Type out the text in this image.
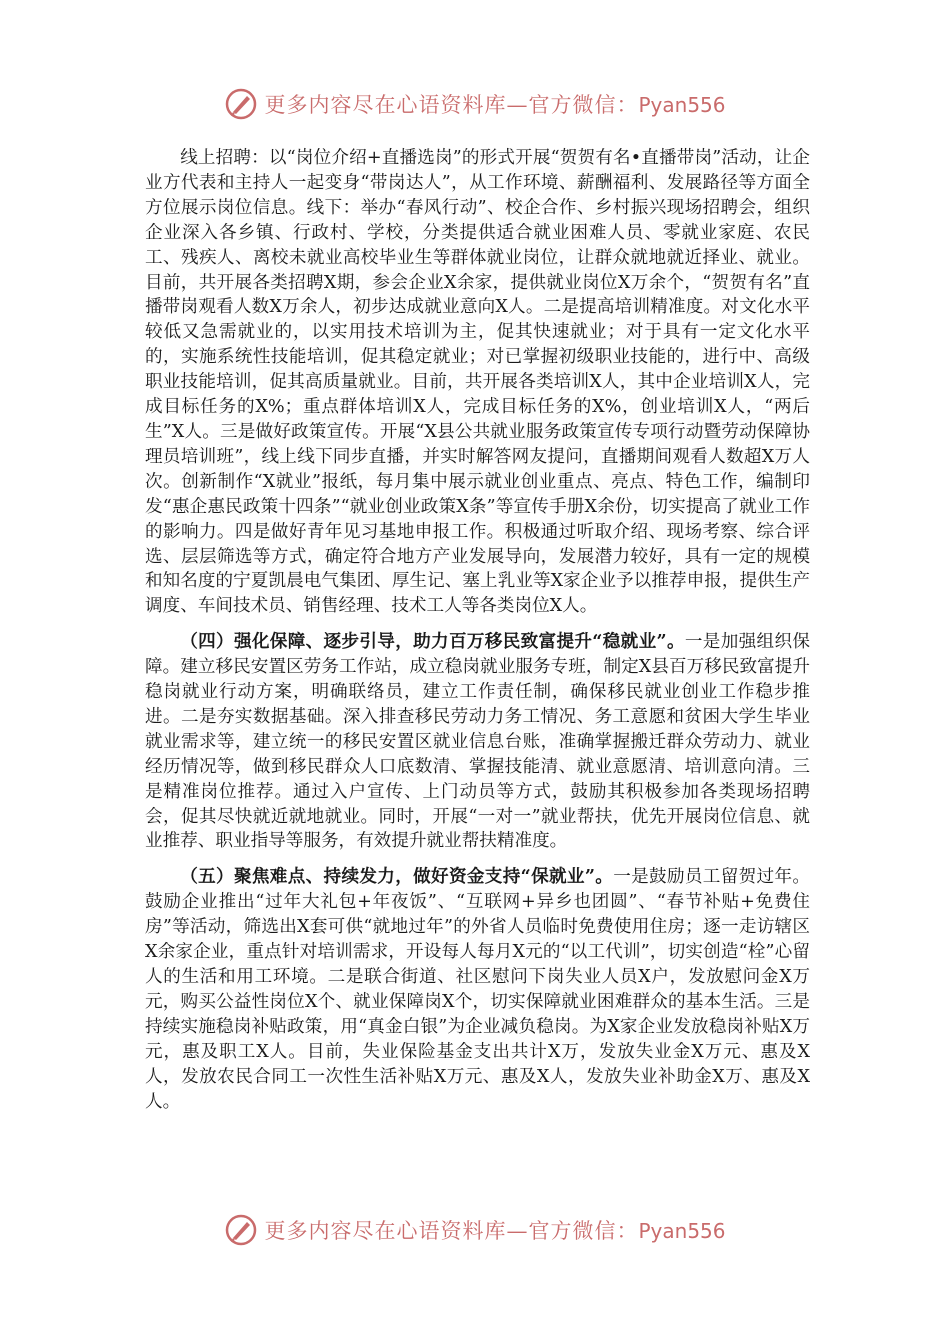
更多内容尽在心语资料库—官方微信：Pyan556

线上招聘：以“岗位介绍+直播选岗”的形式开展“贺贺有名•直播带岗”活动，让企业方代表和主持人一起变身“带岗达人”，从工作环境、薪酬福利、发展路径等方面全方位展示岗位信息。线下：举办“春风行动”、校企合作、乡村振兴现场招聘会，组织企业深入各乡镇、行政村、学校，分类提供适合就业困难人员、零就业家庭、农民工、残疾人、离校未就业高校毕业生等群体就业岗位，让群众就地就近择业、就业。目前，共开展各类招聘X期，参会企业X余家，提供就业岗位X万余个，“贺贺有名”直播带岗观看人数X万余人，初步达成就业意向X人。二是提高培训精准度。对文化水平较低又急需就业的，以实用技术培训为主，促其快速就业；对于具有一定文化水平的，实施系统性技能培训，促其稳定就业；对已掌握初级职业技能的，进行中、高级职业技能培训，促其高质量就业。目前，共开展各类培训X人，其中企业培训X人，完成目标任务的X%；重点群体培训X人，完成目标任务的X%，创业培训X人，“两后生”X人。三是做好政策宣传。开展“X县公共就业服务政策宣传专项行动暨劳动保障协理员培训班”，线上线下同步直播，并实时解答网友提问，直播期间观看人数超X万人次。创新制作“X就业”报纸，每月集中展示就业创业重点、亮点、特色工作，编制印发“惠企惠民政策十四条”“就业创业政策X条”等宣传手册X余份，切实提高了就业工作的影响力。四是做好青年见习基地申报工作。积极通过听取介绍、现场考察、综合评选、层层筛选等方式，确定符合地方产业发展导向，发展潜力较好，具有一定的规模和知名度的宁夏凯晨电气集团、厚生记、塞上乳业等X家企业予以推荐申报，提供生产调度、车间技术员、销售经理、技术工人等各类岗位X人。

（四）强化保障、逐步引导，助力百万移民致富提升“稳就业”。一是加强组织保障。建立移民安置区劳务工作站，成立稳岗就业服务专班，制定X县百万移民致富提升稳岗就业行动方案，明确联络员，建立工作责任制，确保移民就业创业工作稳步推进。二是夯实数据基础。深入排查移民劳动力务工情况、务工意愿和贫困大学生毕业就业需求等，建立统一的移民安置区就业信息台账，准确掌握搬迁群众劳动力、就业经历情况等，做到移民群众人口底数清、掌握技能清、就业意愿清、培训意向清。三是精准岗位推荐。通过入户宣传、上门动员等方式，鼓励其积极参加各类现场招聘会，促其尽快就近就地就业。同时，开展“一对一”就业帮扶，优先开展岗位信息、就业推荐、职业指导等服务，有效提升就业帮扶精准度。

（五）聚焦难点、持续发力，做好资金支持“保就业”。一是鼓励员工留贺过年。鼓励企业推出“过年大礼包+年夜饭”、“互联网+异乡也团圆”、“春节补贴+免费住房”等活动，筛选出X套可供“就地过年”的外省人员临时免费使用住房；逐一走访辖区X余家企业，重点针对培训需求，开设每人每月X元的“以工代训”，切实创造“栓”心留人的生活和用工环境。二是联合街道、社区慰问下岗失业人员X户，发放慰问金X万元，购买公益性岗位X个、就业保障岗X个，切实保障就业困难群众的基本生活。三是持续实施稳岗补贴政策，用“真金白银”为企业减负稳岗。为X家企业发放稳岗补贴X万元，惠及职工X人。目前，失业保险基金支出共计X万，发放失业金X万元、惠及X人，发放农民合同工一次性生活补贴X万元、惠及X人，发放失业补助金X万、惠及X人。

更多内容尽在心语资料库—官方微信：Pyan556
